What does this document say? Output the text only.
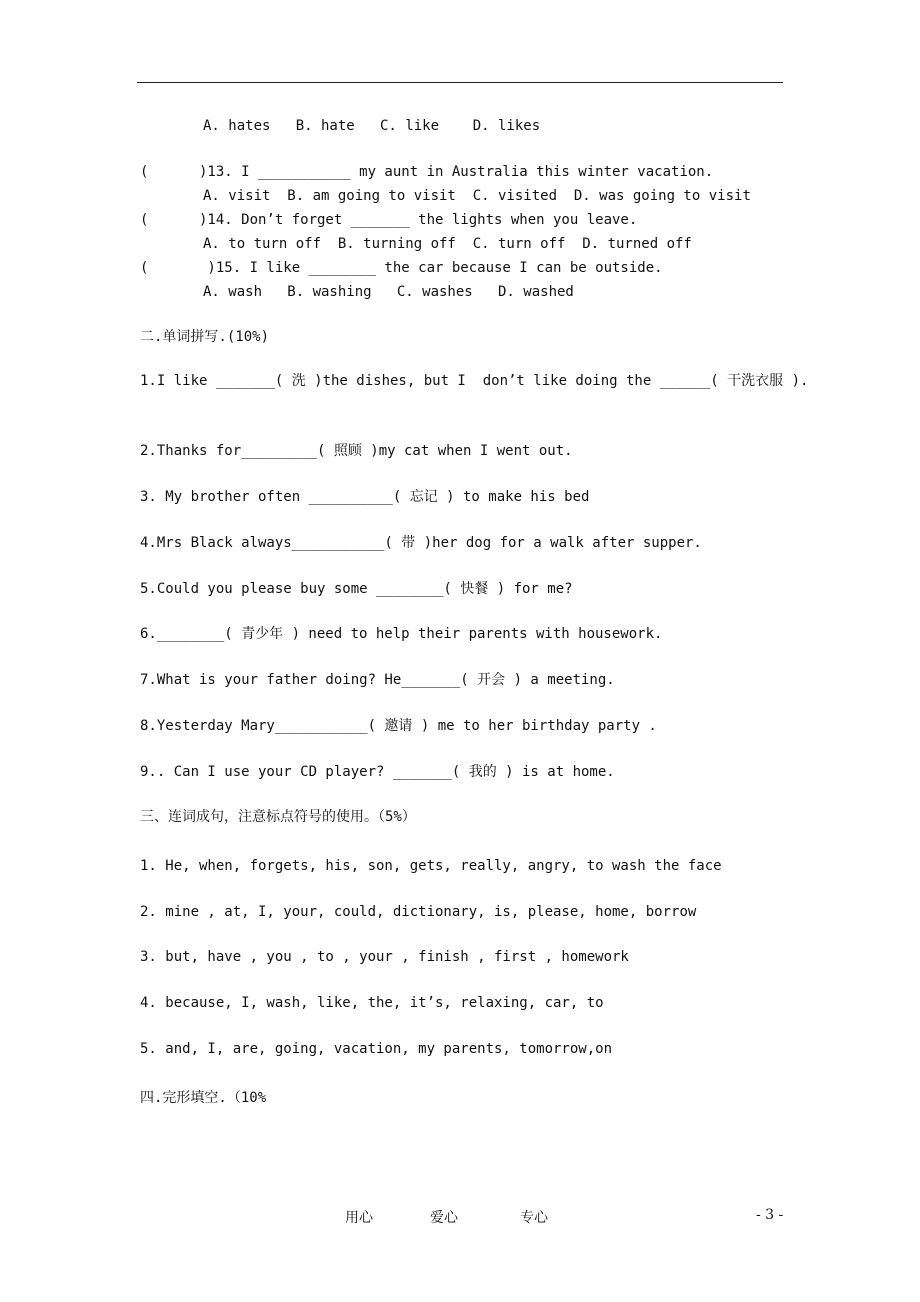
A. hates   B. hate   C. like    D. likes
(      )13. I ___________ my aunt in Australia this winter vacation.
A. visit  B. am going to visit  C. visited  D. was going to visit
(      )14. Don’t forget _______ the lights when you leave.
A. to turn off  B. turning off  C. turn off  D. turned off
(       )15. I like ________ the car because I can be outside.
A. wash   B. washing   C. washes   D. washed
二.单词拼写.(10%)
1.I like _______( 洗 )the dishes, but I  don’t like doing the ______( 干洗衣服 ).
2.Thanks for_________( 照顾 )my cat when I went out.
3. My brother often __________( 忘记 ) to make his bed
4.Mrs Black always___________( 带 )her dog for a walk after supper.
5.Could you please buy some ________( 快餐 ) for me?
6.________( 青少年 ) need to help their parents with housework.
7.What is your father doing? He_______( 开会 ) a meeting.
8.Yesterday Mary___________( 邀请 ) me to her birthday party .
9.. Can I use your CD player? _______( 我的 ) is at home.
三、连词成句，注意标点符号的使用。（5%）
1. He, when, forgets, his, son, gets, really, angry, to wash the face
2. mine , at, I, your, could, dictionary, is, please, home, borrow
3. but, have , you , to , your , finish , first , homework
4. because, I, wash, like, the, it’s, relaxing, car, to
5. and, I, are, going, vacation, my parents, tomorrow,on
四.完形填空.（10%
用心	爱心	专心	- 3 -
